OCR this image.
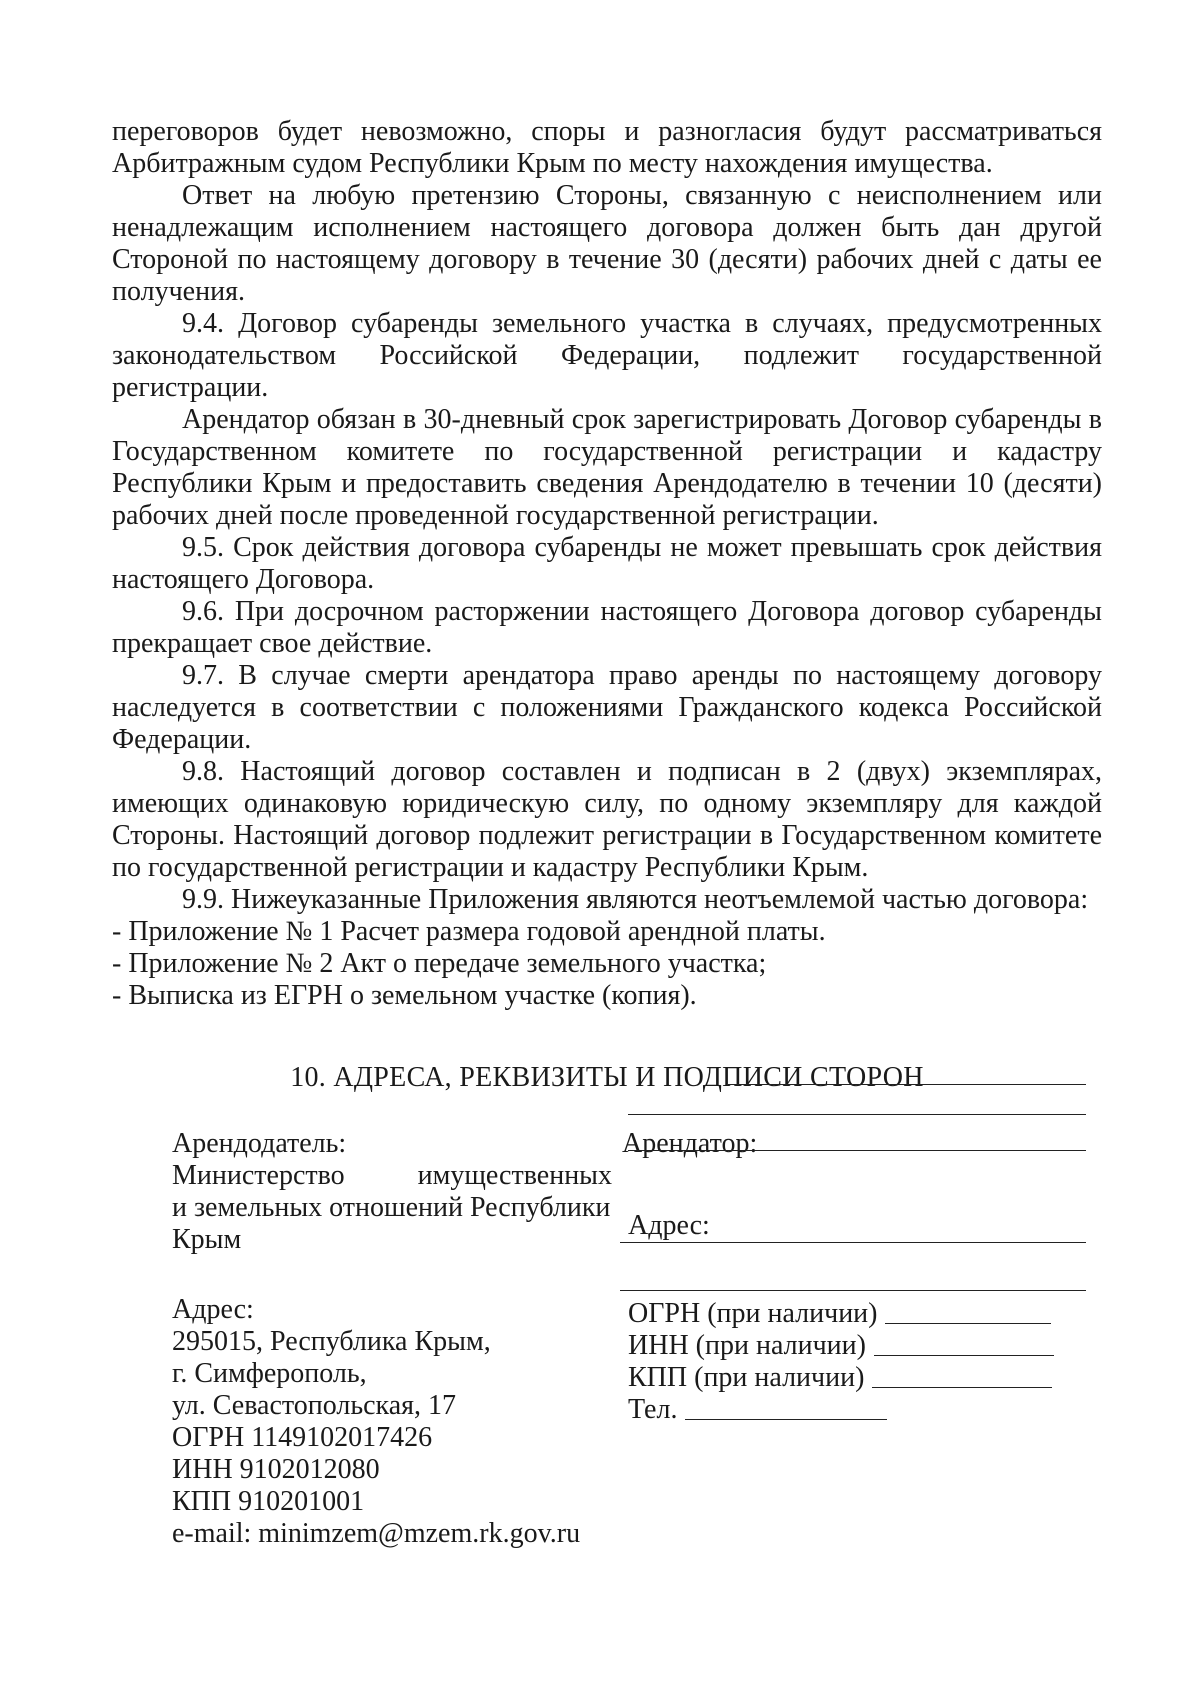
переговоров будет невозможно, споры и разногласия будут рассматриваться Арбитражным судом Республики Крым по месту нахождения имущества.

Ответ на любую претензию Стороны, связанную с неисполнением или ненадлежащим исполнением настоящего договора должен быть дан другой Стороной по настоящему договору в течение 30 (десяти) рабочих дней с даты ее получения.

9.4. Договор субаренды земельного участка в случаях, предусмотренных законодательством Российской Федерации, подлежит государственной регистрации.

Арендатор обязан в 30-дневный срок зарегистрировать Договор субаренды в Государственном комитете по государственной регистрации и кадастру Республики Крым и предоставить сведения Арендодателю в течении 10 (десяти) рабочих дней после проведенной государственной регистрации.

9.5. Срок действия договора субаренды не может превышать срок действия настоящего Договора.

9.6. При досрочном расторжении настоящего Договора договор субаренды прекращает свое действие.

9.7. В случае смерти арендатора право аренды по настоящему договору наследуется в соответствии с положениями Гражданского кодекса Российской Федерации.

9.8. Настоящий договор составлен и подписан в 2 (двух) экземплярах, имеющих одинаковую юридическую силу, по одному экземпляру для каждой Стороны. Настоящий договор подлежит регистрации в Государственном комитете по государственной регистрации и кадастру Республики Крым.

9.9. Нижеуказанные Приложения являются неотъемлемой частью договора:

- Приложение № 1 Расчет размера годовой арендной платы.

- Приложение № 2 Акт о передаче земельного участка;

- Выписка из ЕГРН о земельном участке (копия).

10. АДРЕСА, РЕКВИЗИТЫ И ПОДПИСИ СТОРОН
Арендодатель:
Министерство	имущественных
и земельных отношений Республики
Крым
Адрес:
295015, Республика Крым,
г. Симферополь,
ул. Севастопольская, 17
ОГРН 1149102017426
ИНН 9102012080
КПП 910201001
e-mail: minimzem@mzem.rk.gov.ru
Арендатор:
Адрес:
ОГРН (при наличии)
ИНН (при наличии)
КПП (при наличии)
Тел.
